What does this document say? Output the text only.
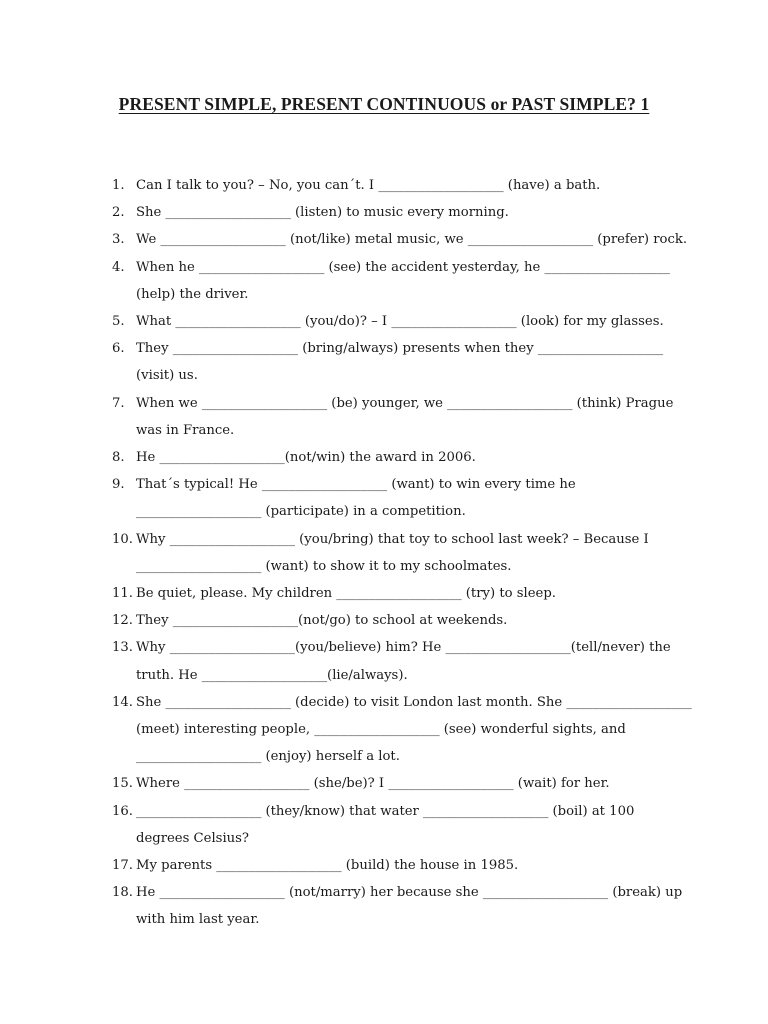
PRESENT SIMPLE, PRESENT CONTINUOUS or PAST SIMPLE? 1
1. Can I talk to you? – No, you can´t. I ___________________ (have) a bath.
2. She ___________________ (listen) to music every morning.
3. We ___________________ (not/like) metal music, we ___________________ (prefer) rock.
4. When he ___________________ (see) the accident yesterday, he ___________________
(help) the driver.
5. What ___________________ (you/do)? – I ___________________ (look) for my glasses.
6. They ___________________ (bring/always) presents when they ___________________
(visit) us.
7. When we ___________________ (be) younger, we ___________________ (think) Prague
was in France.
8. He ___________________(not/win) the award in 2006.
9. That´s typical! He ___________________ (want) to win every time he
___________________ (participate) in a competition.
10. Why ___________________ (you/bring) that toy to school last week? – Because I
___________________ (want) to show it to my schoolmates.
11. Be quiet, please. My children ___________________ (try) to sleep.
12. They ___________________(not/go) to school at weekends.
13. Why ___________________(you/believe) him? He ___________________(tell/never) the
truth. He ___________________(lie/always).
14. She ___________________ (decide) to visit London last month. She ___________________
(meet) interesting people, ___________________ (see) wonderful sights, and
___________________ (enjoy) herself a lot.
15. Where ___________________ (she/be)? I ___________________ (wait) for her.
16. ___________________ (they/know) that water ___________________ (boil) at 100
degrees Celsius?
17. My parents ___________________ (build) the house in 1985.
18. He ___________________ (not/marry) her because she ___________________ (break) up
with him last year.
